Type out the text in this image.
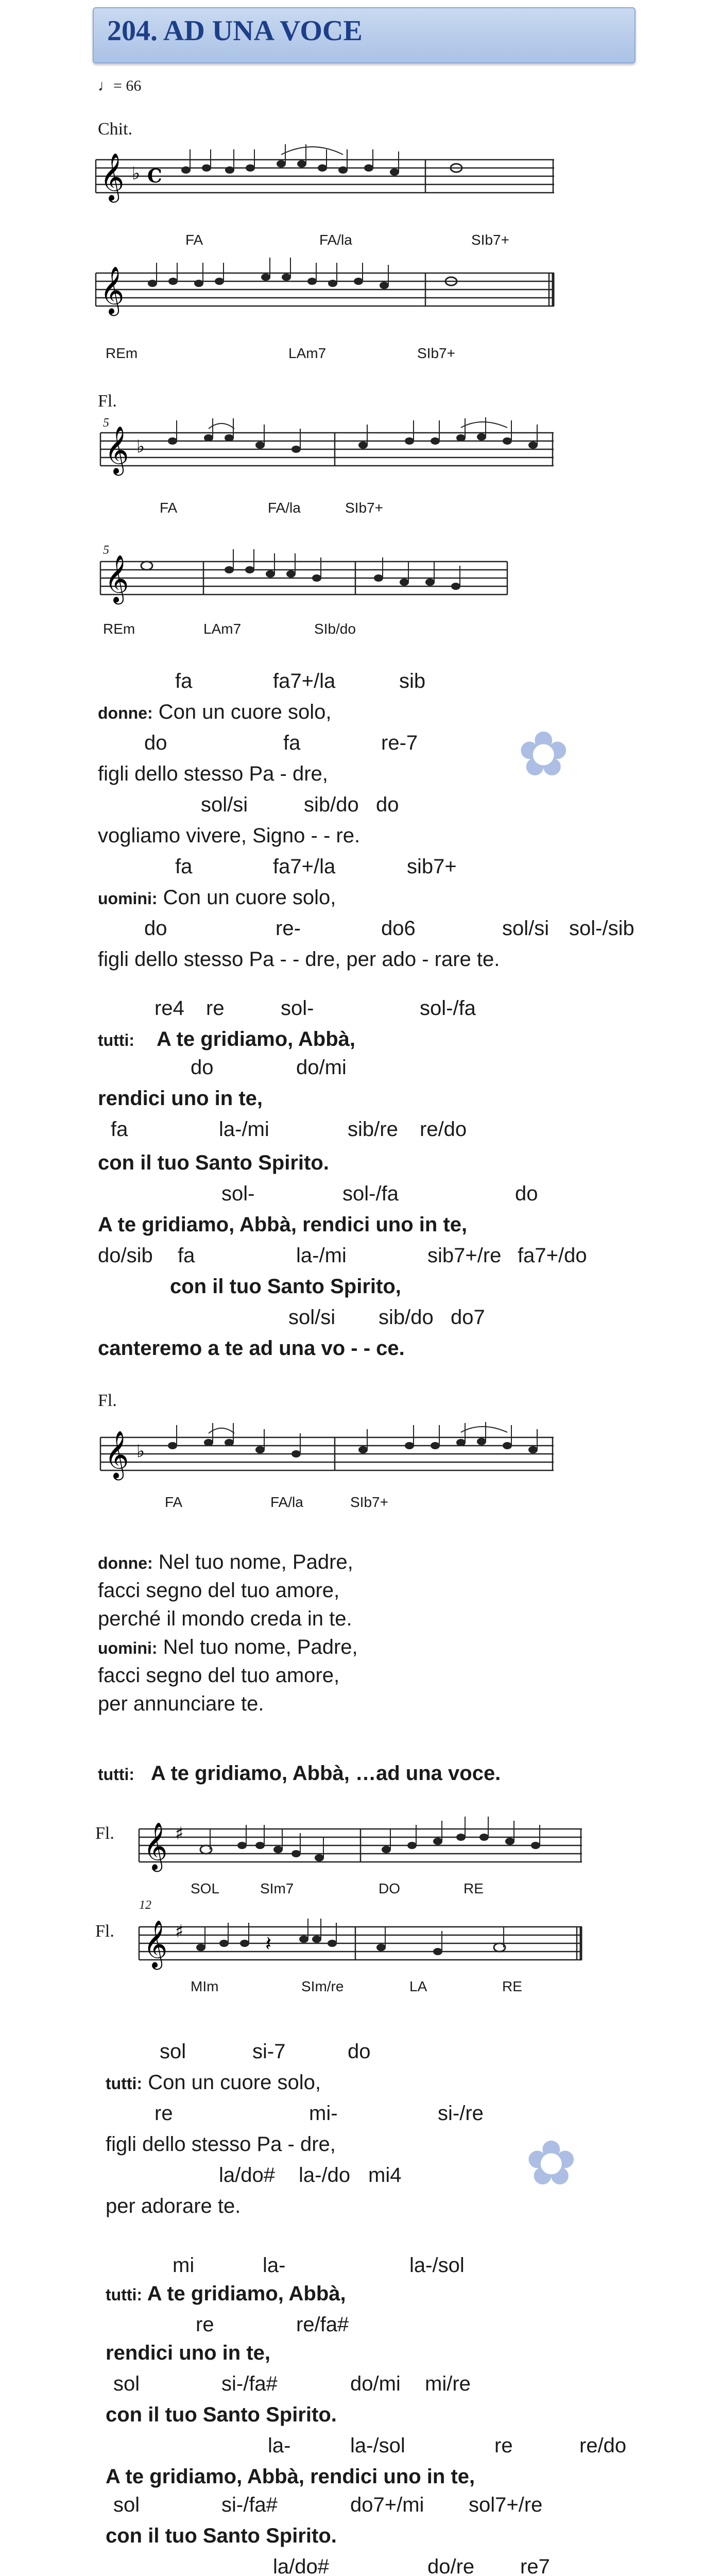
204. AD UNA VOCE
♩= 66
Chit.
𝄞 ♭ C
FA	FA/la	SIb7+
𝄞
REm	LAm7	SIb7+
Fl.
5
𝄞 ♭
FA	FA/la	SIb7+
5
𝄞
REm	LAm7	SIb/do
✿
✿
fa	fa7+/la	sib
donne: Con un cuore solo,
do	fa	re-7
figli dello stesso Pa - dre,
sol/si	sib/do do
vogliamo vivere, Signo - - re.
fa	fa7+/la	sib7+
uomini: Con un cuore solo,
do	re-	do6	sol/si sol-/sib
figli dello stesso Pa - - dre, per ado - rare te.
re4 re	sol-	sol-/fa
tutti: A te gridiamo, Abbà,
do	do/mi
rendici uno in te,
fa	la-/mi	sib/re re/do
con il tuo Santo Spirito.
sol-	sol-/fa	do
A te gridiamo, Abbà, rendici uno in te,
do/sib fa	la-/mi	sib7+/re fa7+/do
con il tuo Santo Spirito,
sol/si sib/do do7
canteremo a te ad una vo - - ce.
Fl.
𝄞 ♭
FA	FA/la	SIb7+
donne: Nel tuo nome, Padre,
facci segno del tuo amore,
perché il mondo creda in te.
uomini: Nel tuo nome, Padre,
facci segno del tuo amore,
per annunciare te.
tutti: A te gridiamo, Abbà, …ad una voce.
Fl. 𝄞 ♯
SOL	SIm7	DO	RE
12
Fl. 𝄞 ♯
𝄽
MIm	SIm/re	LA	RE
sol	si-7	do
tutti: Con un cuore solo,
re	mi-	si-/re
figli dello stesso Pa - dre,
la/do# la-/do mi4
per adorare te.
mi	la-	la-/sol
tutti: A te gridiamo, Abbà,
re	re/fa#
rendici uno in te,
sol	si-/fa#	do/mi mi/re
con il tuo Santo Spirito.
la-	la-/sol	re	re/do
A te gridiamo, Abbà, rendici uno in te,
sol	si-/fa#	do7+/mi sol7+/re
con il tuo Santo Spirito.
la/do#	do/re re7
